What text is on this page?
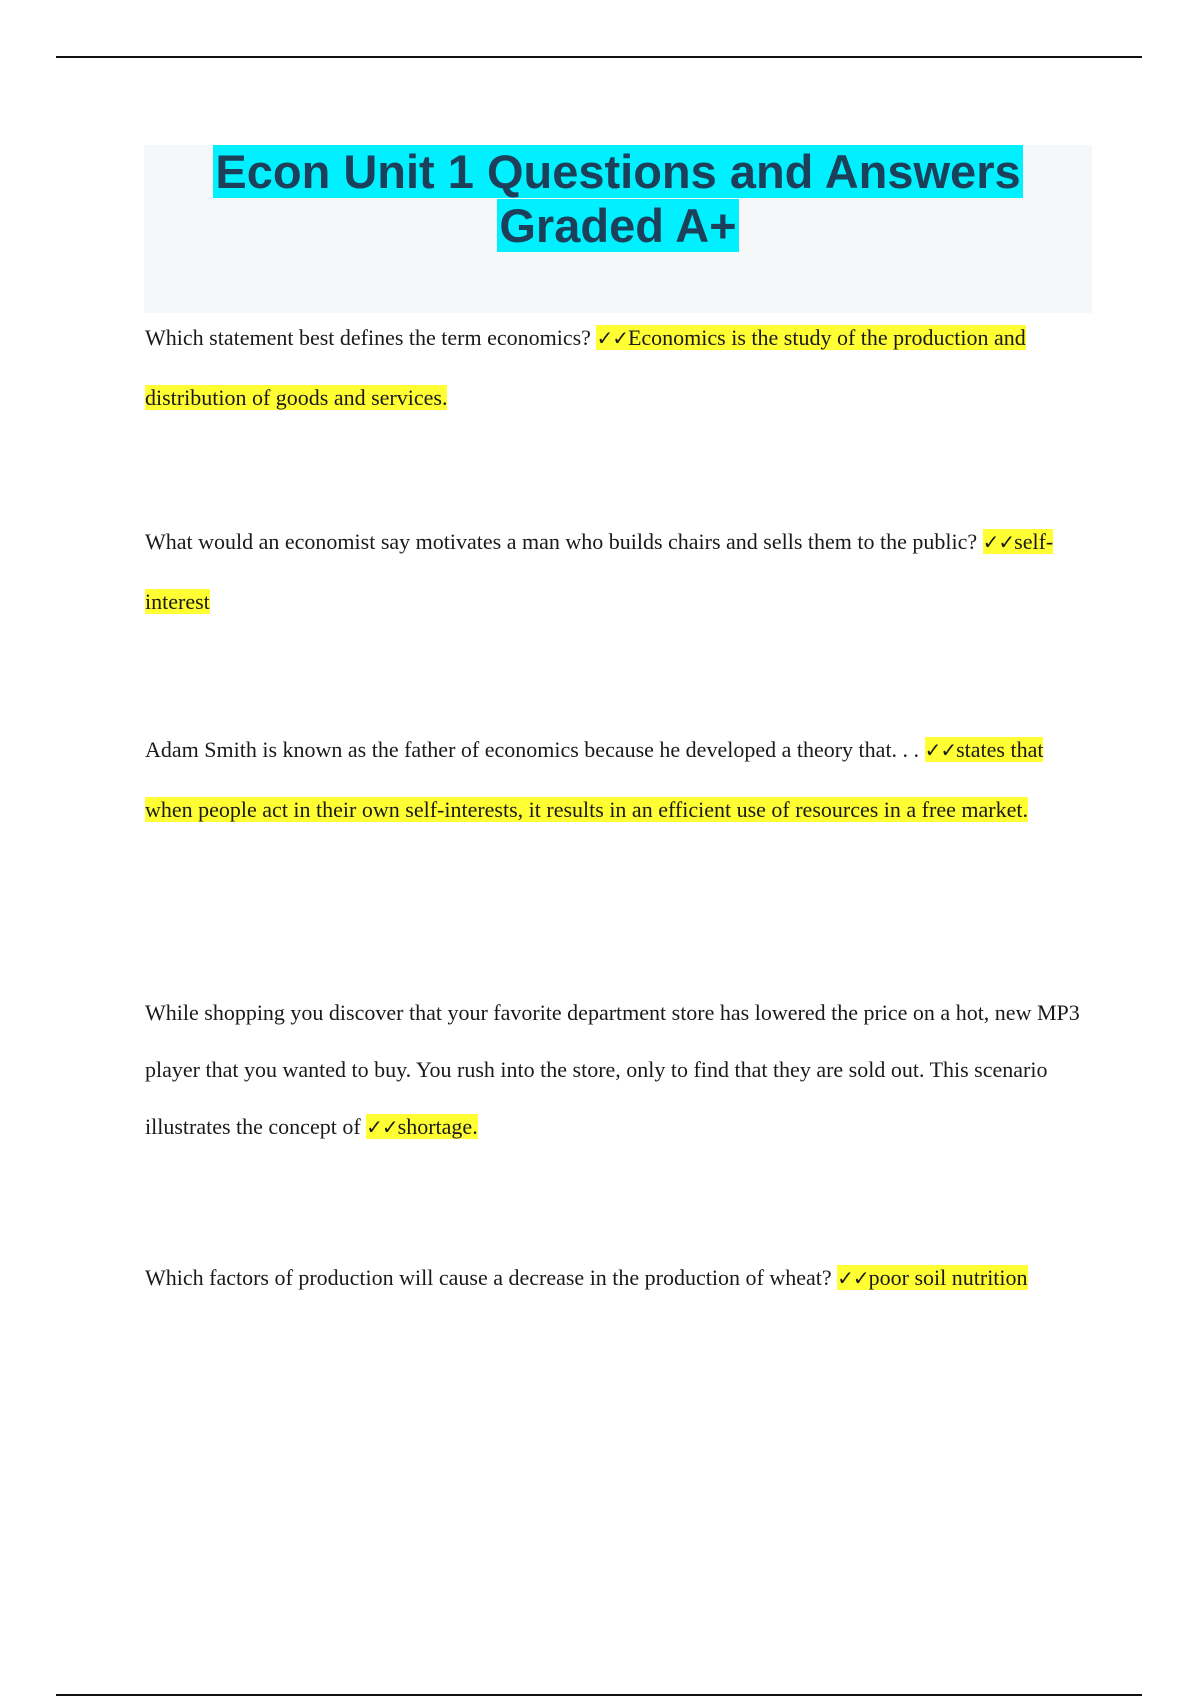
Econ Unit 1 Questions and Answers
Graded A+

Which statement best defines the term economics? ✓✓Economics is the study of the production and distribution of goods and services.

What would an economist say motivates a man who builds chairs and sells them to the public? ✓✓self-interest

Adam Smith is known as the father of economics because he developed a theory that. . . ✓✓states that when people act in their own self-interests, it results in an efficient use of resources in a free market.

While shopping you discover that your favorite department store has lowered the price on a hot, new MP3 player that you wanted to buy. You rush into the store, only to find that they are sold out. This scenario illustrates the concept of ✓✓shortage.

Which factors of production will cause a decrease in the production of wheat? ✓✓poor soil nutrition
